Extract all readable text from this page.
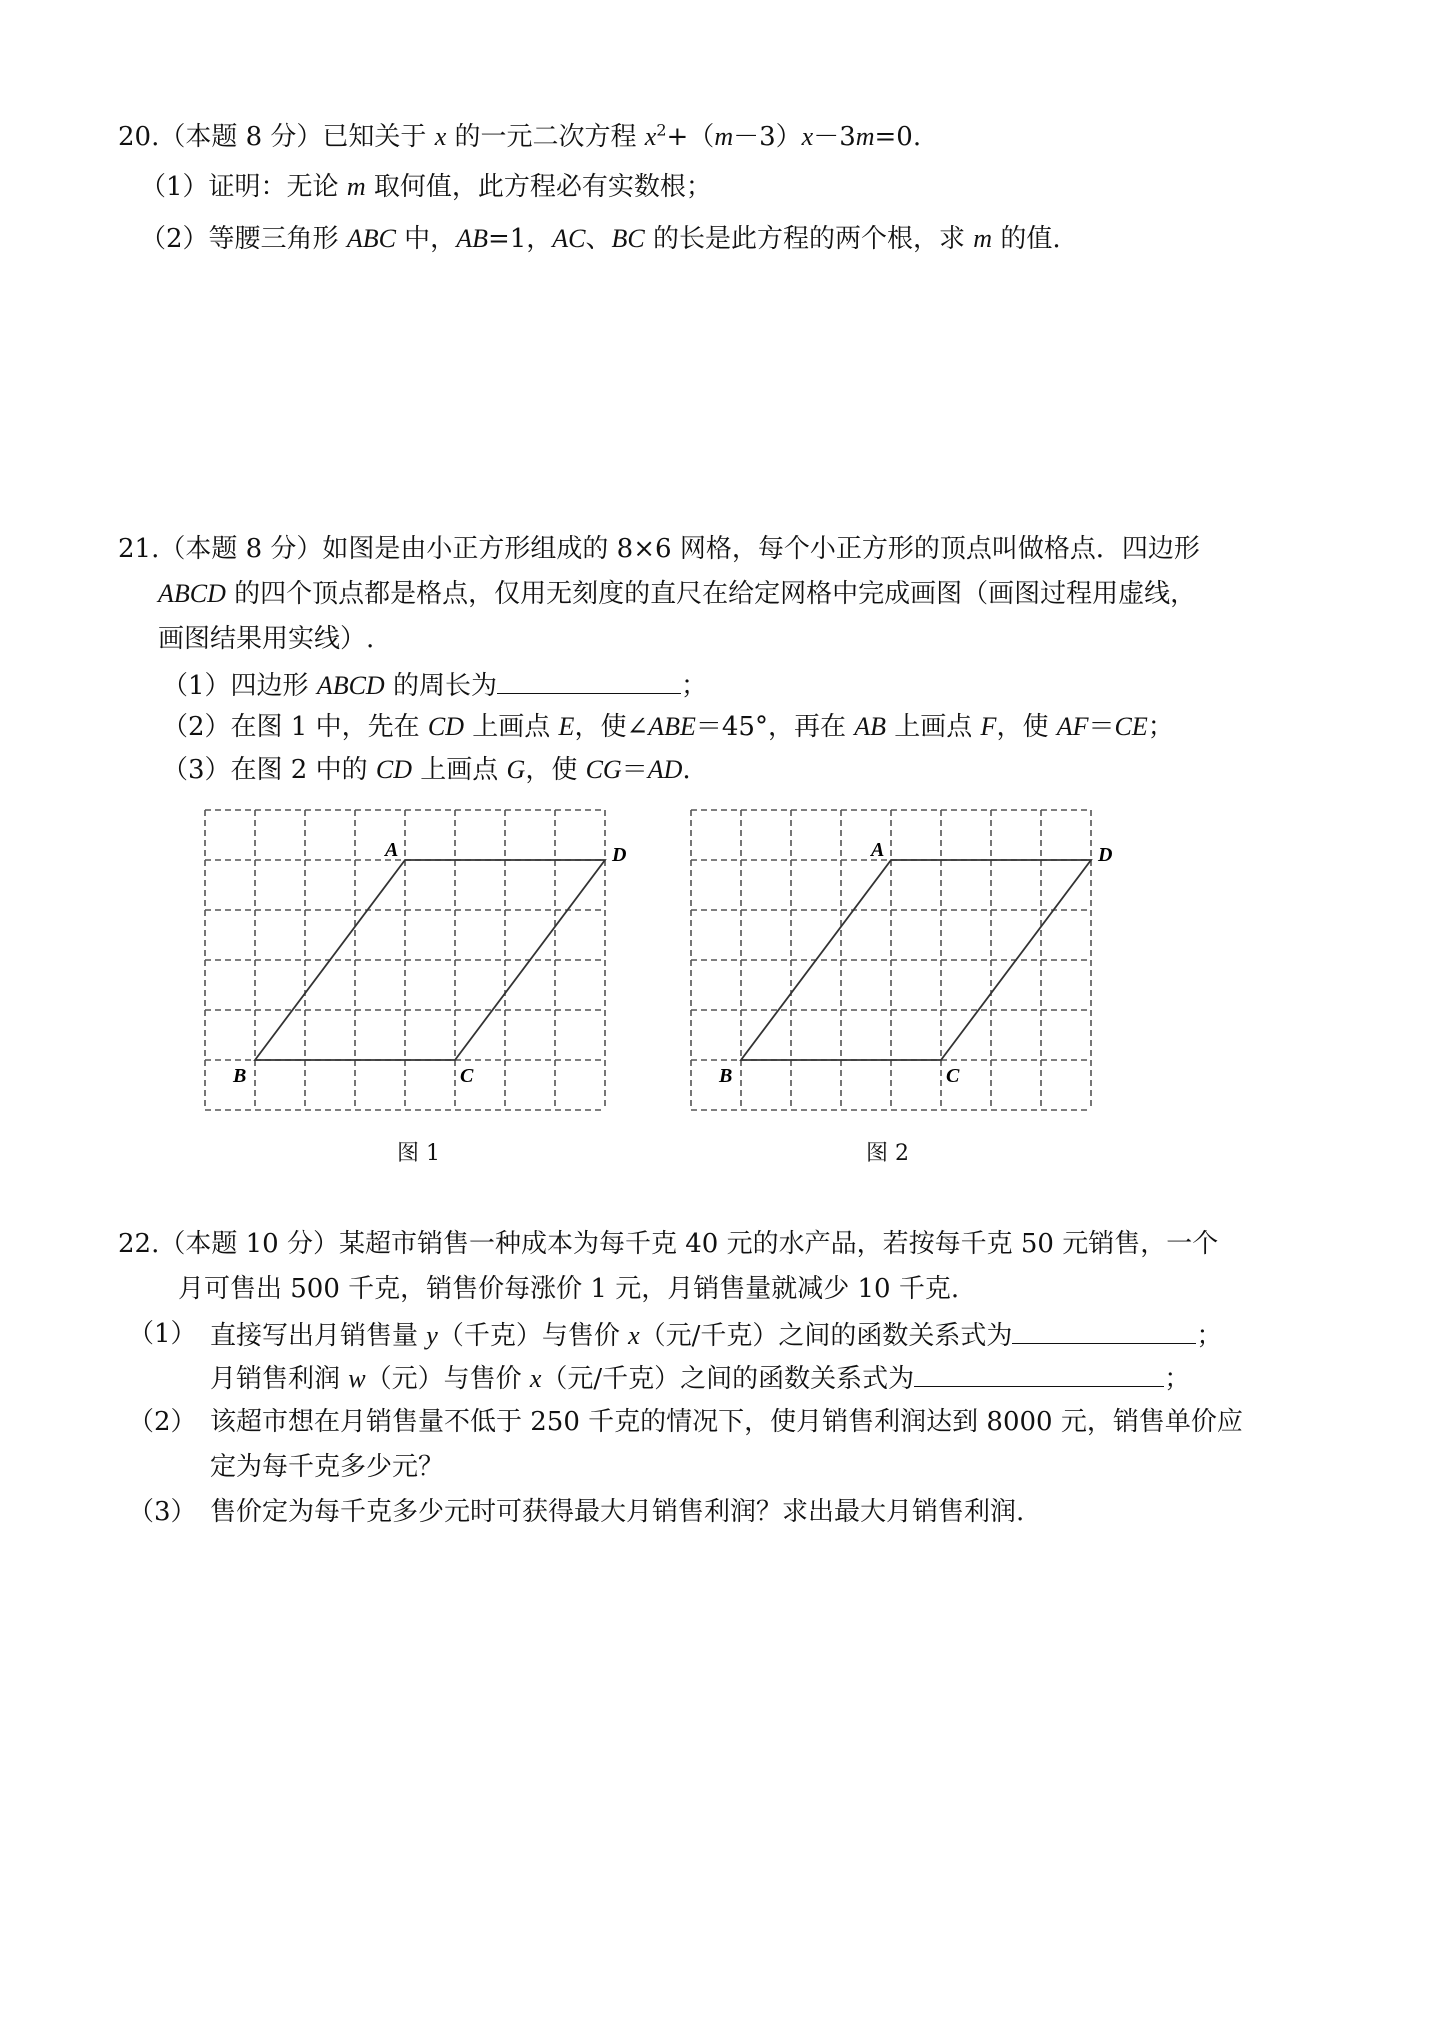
20.（本题 8 分）已知关于 x 的一元二次方程 $x^2+(m-3)x-3m=0$.
（1）证明：无论 m 取何值，此方程必有实数根；
（2）等腰三角形 ABC 中，AB=1，AC、BC 的长是此方程的两个根，求 m 的值.
21.（本题 8 分）如图是由小正方形组成的 8×6 网格，每个小正方形的顶点叫做格点．四边形
ABCD 的四个顶点都是格点，仅用无刻度的直尺在给定网格中完成画图（画图过程用虚线，
画图结果用实线）.
（1）四边形 ABCD 的周长为	；
（2）在图 1 中，先在 CD 上画点 E，使∠ABE＝45°，再在 AB 上画点 F，使 AF＝CE；
（3）在图 2 中的 CD 上画点 G，使 CG＝AD.
A	D
B	C
图 1
A	D
B	C
图 2
22.（本题 10 分）某超市销售一种成本为每千克 40 元的水产品，若按每千克 50 元销售，一个
月可售出 500 千克，销售价每涨价 1 元，月销售量就减少 10 千克.
（1） 直接写出月销售量 y（千克）与售价 x（元/千克）之间的函数关系式为	；
月销售利润 w（元）与售价 x（元/千克）之间的函数关系式为	；
（2） 该超市想在月销售量不低于 250 千克的情况下，使月销售利润达到 8000 元，销售单价应
定为每千克多少元？
（3） 售价定为每千克多少元时可获得最大月销售利润？求出最大月销售利润.
